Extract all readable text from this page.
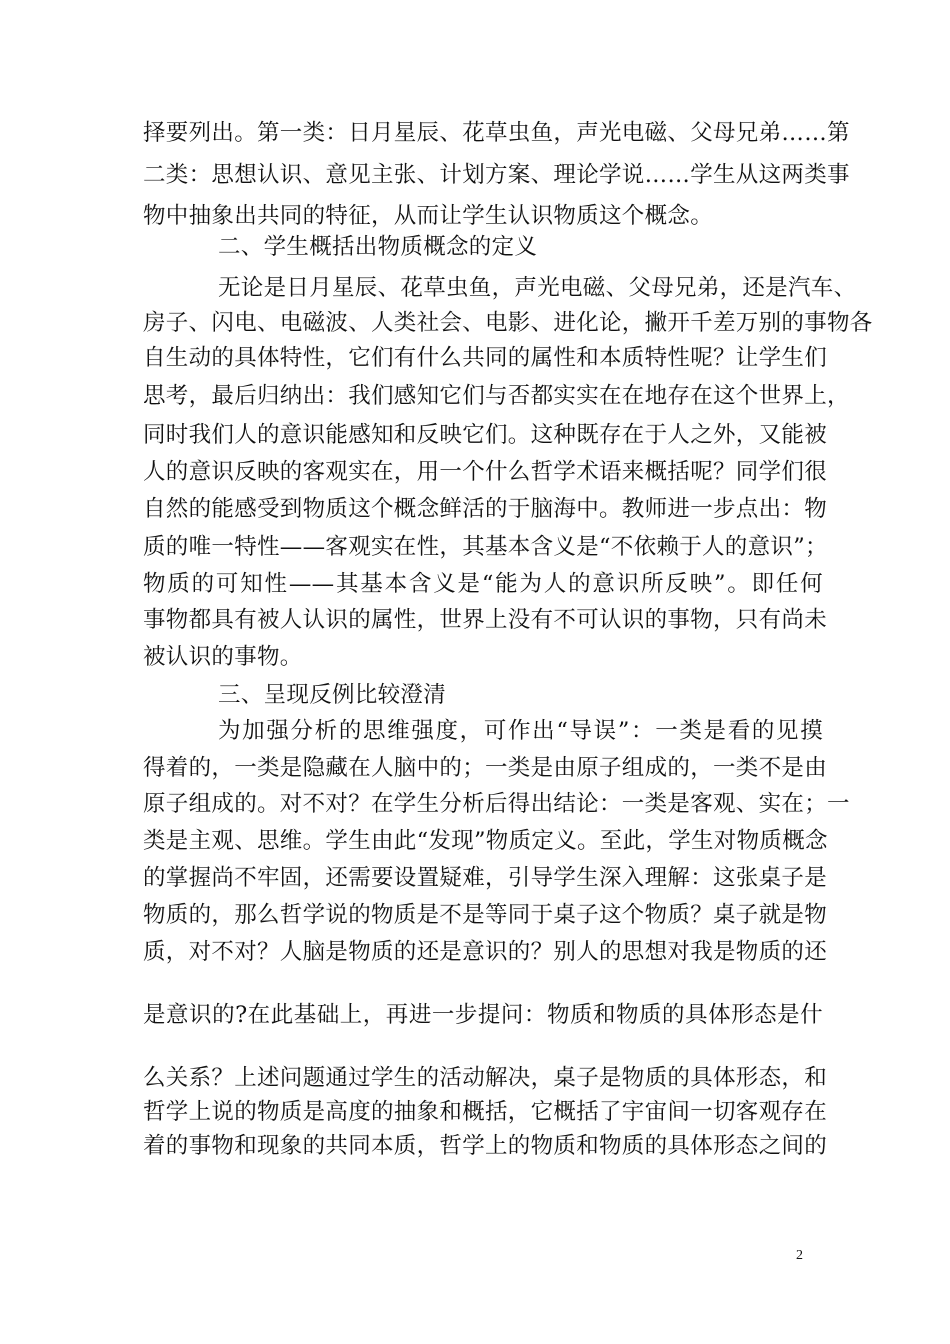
择要列出。第一类：日月星辰、花草虫鱼，声光电磁、父母兄弟……第
二类：思想认识、意见主张、计划方案、理论学说……学生从这两类事
物中抽象出共同的特征，从而让学生认识物质这个概念。
二、学生概括出物质概念的定义
无论是日月星辰、花草虫鱼，声光电磁、父母兄弟，还是汽车、
房子、闪电、电磁波、人类社会、电影、进化论，撇开千差万别的事物各
自生动的具体特性，它们有什么共同的属性和本质特性呢？让学生们
思考，最后归纳出：我们感知它们与否都实实在在地存在这个世界上，
同时我们人的意识能感知和反映它们。这种既存在于人之外，又能被
人的意识反映的客观实在，用一个什么哲学术语来概括呢？同学们很
自然的能感受到物质这个概念鲜活的于脑海中。教师进一步点出：物
质的唯一特性——客观实在性，其基本含义是“不依赖于人的意识”；
物质的可知性——其基本含义是“能为人的意识所反映”。即任何
事物都具有被人认识的属性，世界上没有不可认识的事物，只有尚未
被认识的事物。
三、呈现反例比较澄清
为加强分析的思维强度，可作出“导误”：一类是看的见摸
得着的，一类是隐藏在人脑中的；一类是由原子组成的，一类不是由
原子组成的。对不对？在学生分析后得出结论：一类是客观、实在；一
类是主观、思维。学生由此“发现”物质定义。至此，学生对物质概念
的掌握尚不牢固，还需要设置疑难，引导学生深入理解：这张桌子是
物质的，那么哲学说的物质是不是等同于桌子这个物质？桌子就是物
质，对不对？人脑是物质的还是意识的？别人的思想对我是物质的还
是意识的?在此基础上，再进一步提问：物质和物质的具体形态是什
么关系？上述问题通过学生的活动解决，桌子是物质的具体形态，和
哲学上说的物质是高度的抽象和概括，它概括了宇宙间一切客观存在
着的事物和现象的共同本质，哲学上的物质和物质的具体形态之间的
2
